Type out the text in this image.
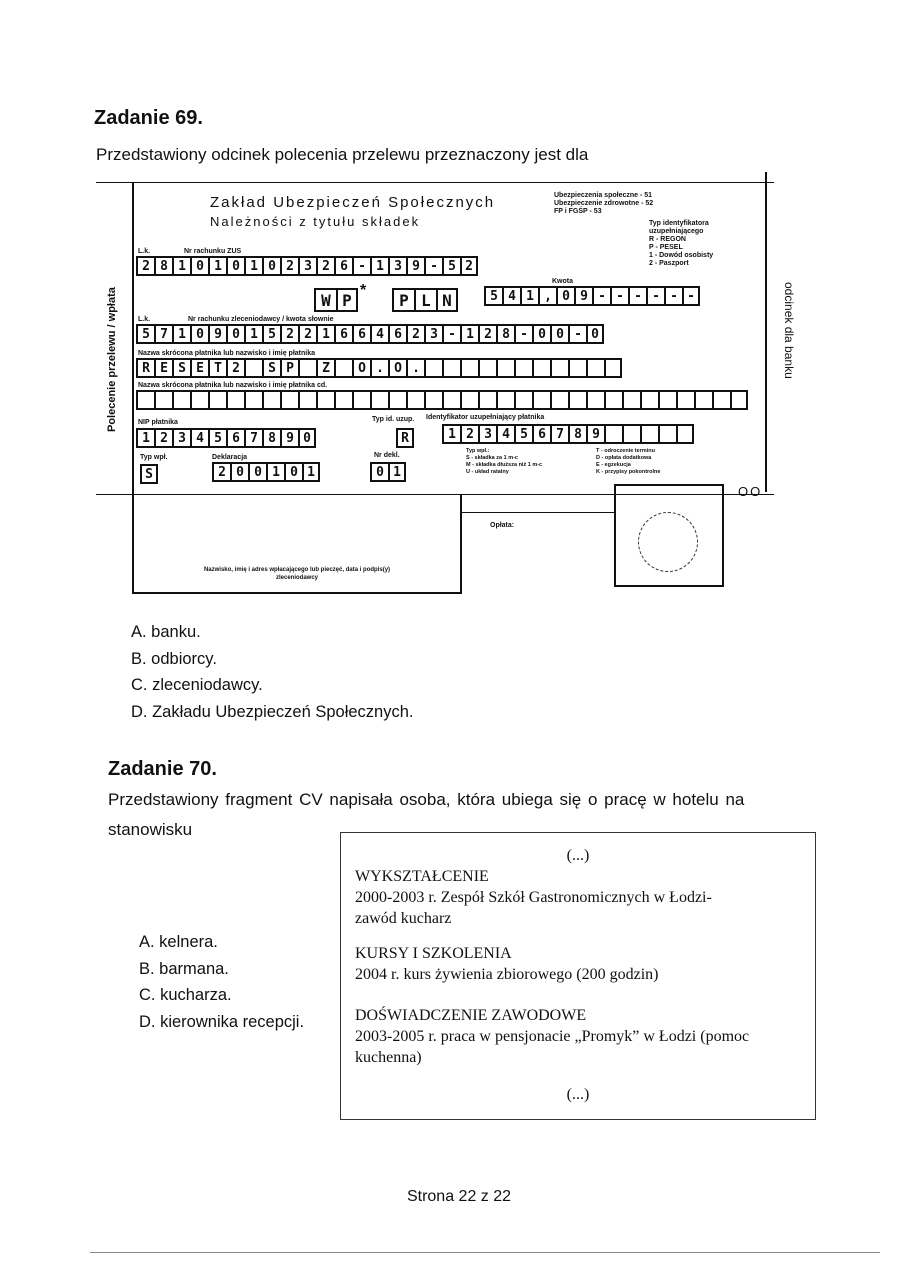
Zadanie 69.
Przedstawiony odcinek polecenia przelewu przeznaczony jest dla
Polecenie przelewu / wpłata	odcinek dla banku
Zakład Ubezpieczeń Społecznych
Należności z tytułu składek
Ubezpieczenia społeczne - 51
Ubezpieczenie zdrowotne - 52
FP i FGŚP - 53
Typ identyfikatora uzupełniającego
R - REGON
P - PESEL
1 - Dowód osobisty
2 - Paszport
L.k.	Nr rachunku ZUS
2 8 1 0 1 0 1 0 2 3 2 6 - 1 3 9 - 5 2
W P *	P L N
Kwota
5 4 1 , 0 9 - - - - - -
L.k.	Nr rachunku zleceniodawcy / kwota słownie
5 7 1 0 9 0 1 5 2 2 1 6 6 4 6 2 3 - 1 2 8 - 0 0 - 0
Nazwa skrócona płatnika lub nazwisko i imię płatnika
R E S E T 2	S P	Z	O . O .
Nazwa skrócona płatnika lub nazwisko i imię płatnika cd.
NIP płatnika	Typ id. uzup. Identyfikator uzupełniający płatnika
1 2 3 4 5 6 7 8 9 0	R	1 2 3 4 5 6 7 8 9
Typ wpł.	Deklaracja	Nr dekl.
S	2 0 0 1 0 1	0 1
Typ wpł.:
S - składka za 1 m-c
M - składka dłuższa niż 1 m-c
U - układ ratalny
T - odroczenie terminu
D - opłata dodatkowa
E - egzekucja
K - przypisy pokontrolne
OO
Opłata:
Nazwisko, imię i adres wpłacającego lub pieczęć, data i podpis(y) zleceniodawcy
A. banku.
B. odbiorcy.
C. zleceniodawcy.
D. Zakładu Ubezpieczeń Społecznych.
Zadanie 70.
Przedstawiony fragment CV napisała osoba, która ubiega się o pracę w hotelu na
stanowisku
A. kelnera.
B. barmana.
C. kucharza.
D. kierownika recepcji.
(...)
WYKSZTAŁCENIE
2000-2003 r. Zespół Szkół Gastronomicznych w Łodzi-
zawód kucharz
KURSY I SZKOLENIA
2004 r. kurs żywienia zbiorowego (200 godzin)
DOŚWIADCZENIE ZAWODOWE
2003-2005 r. praca w pensjonacie „Promyk” w Łodzi (pomoc
kuchenna)
(...)
Strona 22 z 22
